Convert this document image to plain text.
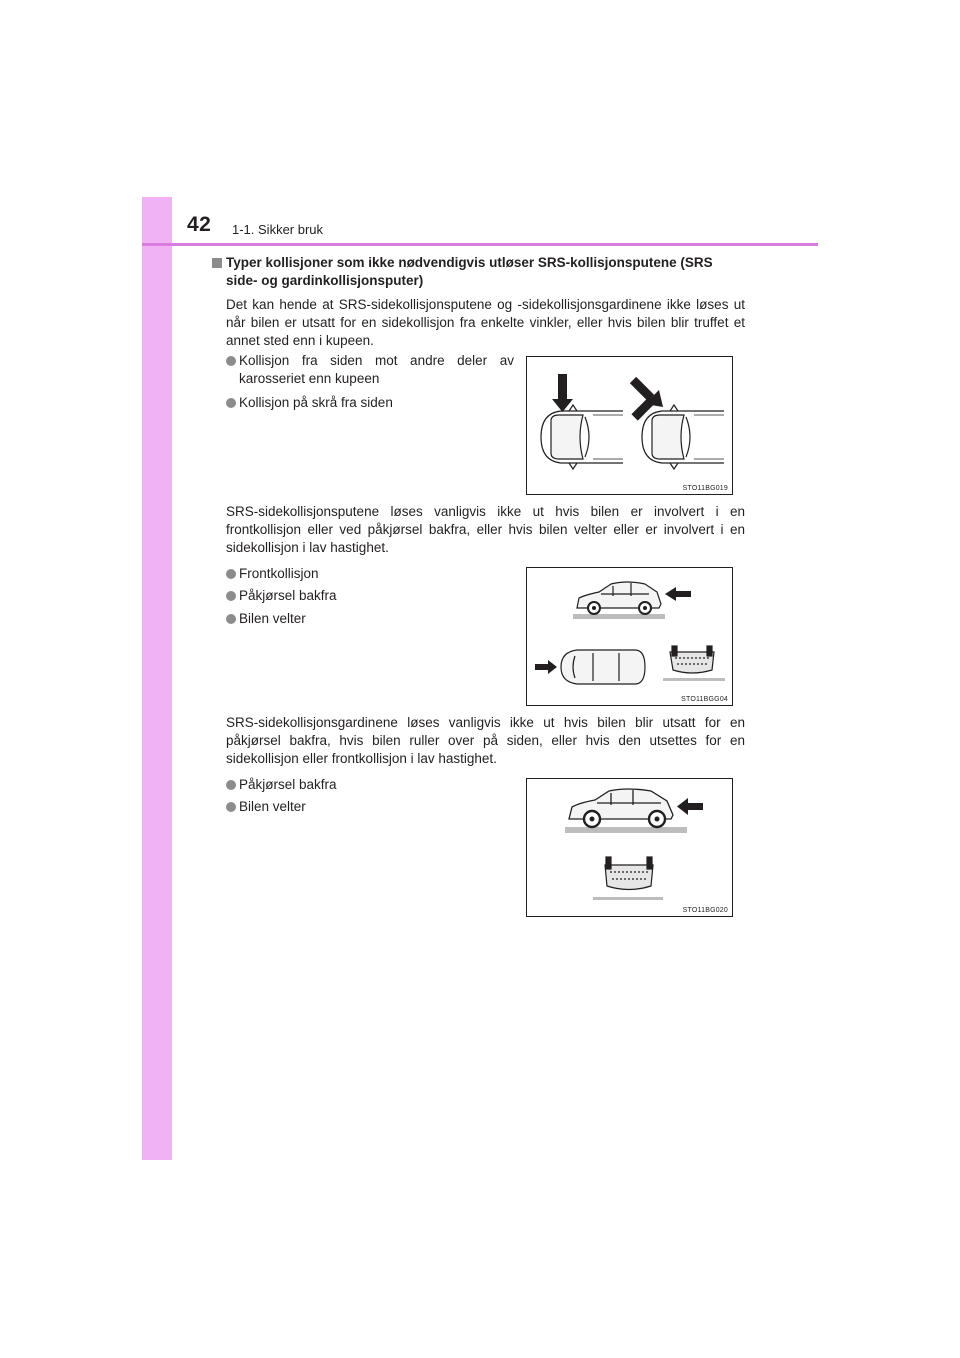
42 1-1. Sikker bruk
Typer kollisjoner som ikke nødvendigvis utløser SRS-kollisjonsputene (SRS side- og gardinkollisjonsputer)
Det kan hende at SRS-sidekollisjonsputene og -sidekollisjonsgardinene ikke løses ut når bilen er utsatt for en sidekollisjon fra enkelte vinkler, eller hvis bilen blir truffet et annet sted enn i kupeen.
Kollisjon fra siden mot andre deler av karosseriet enn kupeen
Kollisjon på skrå fra siden
STO11BG019
SRS-sidekollisjonsputene løses vanligvis ikke ut hvis bilen er involvert i en frontkollisjon eller ved påkjørsel bakfra, eller hvis bilen velter eller er involvert i en sidekollisjon i lav hastighet.
Frontkollisjon
Påkjørsel bakfra
Bilen velter
STO11BGG04
SRS-sidekollisjonsgardinene løses vanligvis ikke ut hvis bilen blir utsatt for en påkjørsel bakfra, hvis bilen ruller over på siden, eller hvis den utsettes for en sidekollisjon eller frontkollisjon i lav hastighet.
Påkjørsel bakfra
Bilen velter
STO11BG020
